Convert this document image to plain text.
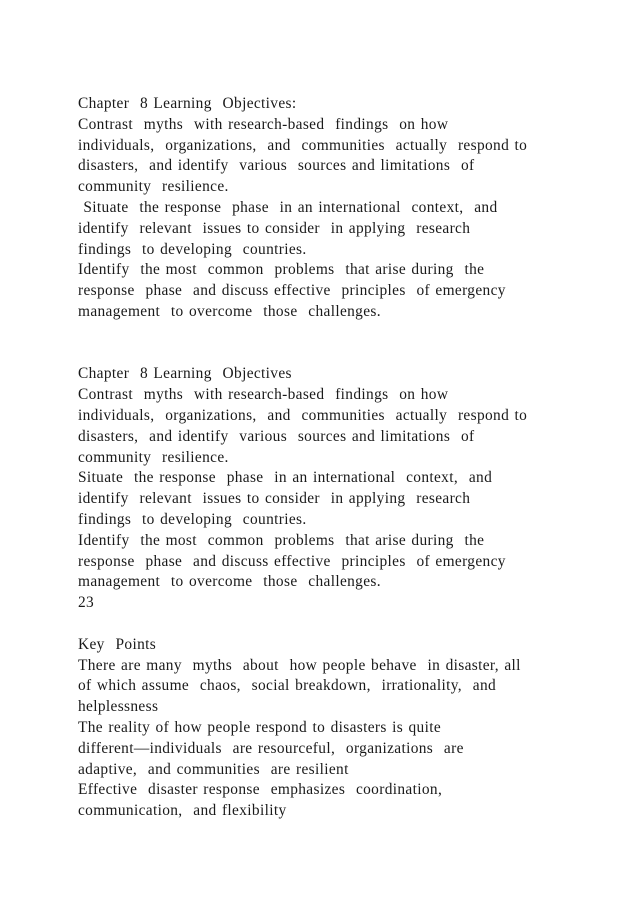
Chapter  8 Learning  Objectives:
Contrast  myths  with research-based  findings  on how
individuals,  organizations,  and  communities  actually  respond to
disasters,  and identify  various  sources and limitations  of
community  resilience.
Situate  the response  phase  in an international  context,  and
identify  relevant  issues to consider  in applying  research
findings  to developing  countries.
Identify  the most  common  problems  that arise during  the
response  phase  and discuss effective  principles  of emergency
management  to overcome  those  challenges.
Chapter  8 Learning  Objectives
Contrast  myths  with research-based  findings  on how
individuals,  organizations,  and  communities  actually  respond to
disasters,  and identify  various  sources and limitations  of
community  resilience.
Situate  the response  phase  in an international  context,  and
identify  relevant  issues to consider  in applying  research
findings  to developing  countries.
Identify  the most  common  problems  that arise during  the
response  phase  and discuss effective  principles  of emergency
management  to overcome  those  challenges.
23
Key  Points
There are many  myths  about  how people behave  in disaster, all
of which assume  chaos,  social breakdown,  irrationality,  and
helplessness
The reality of how people respond to disasters is quite
different—individuals  are resourceful,  organizations  are
adaptive,  and communities  are resilient
Effective  disaster response  emphasizes  coordination,
communication,  and flexibility
